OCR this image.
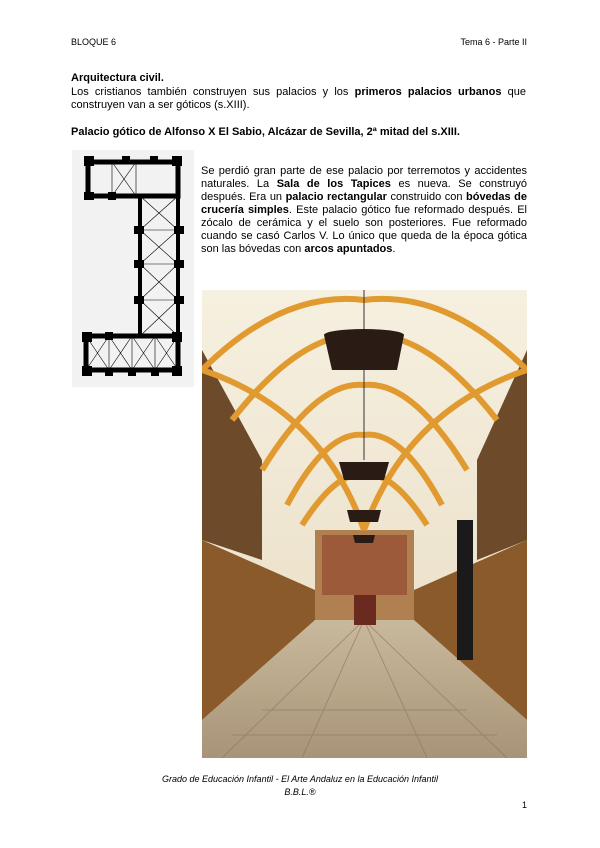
BLOQUE 6	Tema 6 - Parte II
Arquitectura civil.
Los cristianos también construyen sus palacios y los primeros palacios urbanos que construyen van a ser góticos (s.XIII).
Palacio gótico de Alfonso X El Sabio, Alcázar de Sevilla, 2ª mitad del s.XIII.
Se perdió gran parte de ese palacio por terremotos y accidentes naturales. La Sala de los Tapices es nueva. Se construyó después. Era un palacio rectangular construido con bóvedas de crucería simples. Este palacio gótico fue reformado después. El zócalo de cerámica y el suelo son posteriores. Fue reformado cuando se casó Carlos V. Lo único que queda de la época gótica son las bóvedas con arcos apuntados.
Grado de Educación Infantil - El Arte Andaluz en la Educación Infantil
B.B.L.®
1
